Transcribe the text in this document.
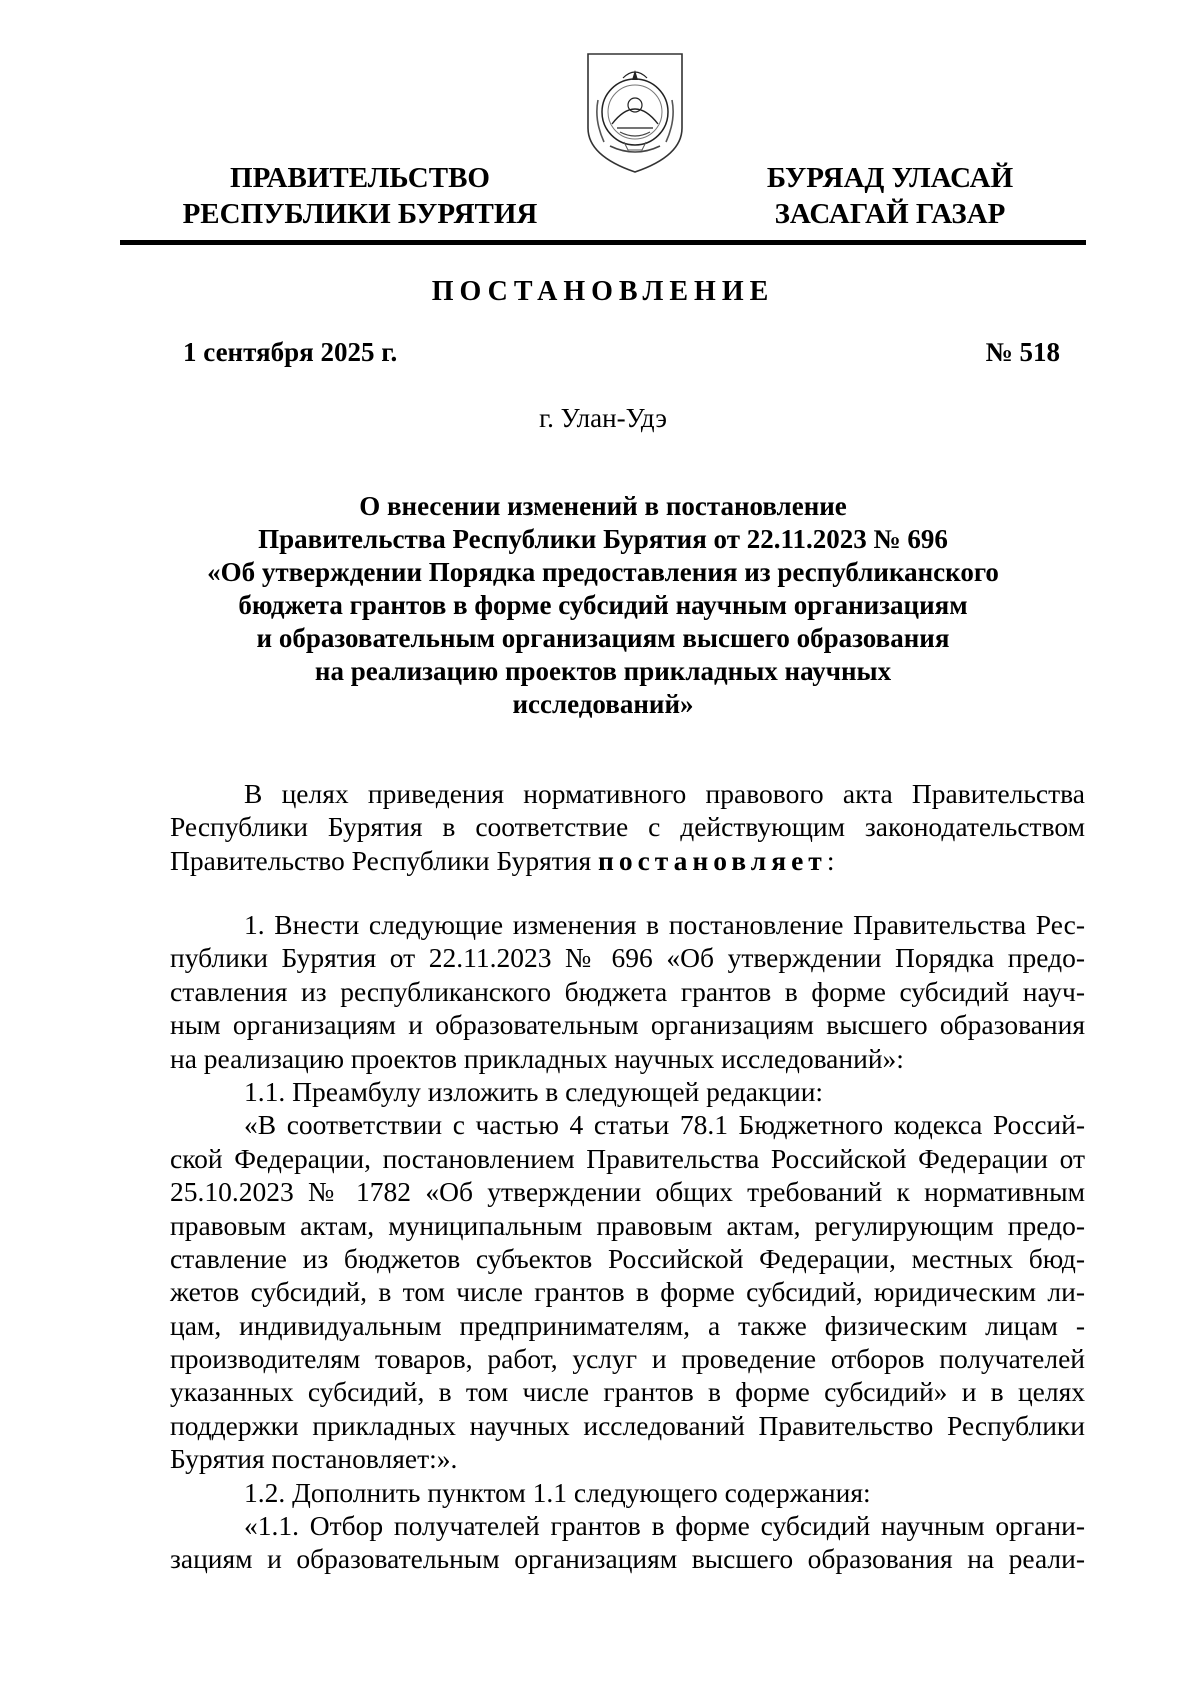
ПРАВИТЕЛЬСТВО
РЕСПУБЛИКИ БУРЯТИЯ
БУРЯАД УЛАСАЙ
ЗАСАГАЙ ГАЗАР
ПОСТАНОВЛЕНИЕ
1 сентября 2025 г.	№ 518
г. Улан-Удэ
О внесении изменений в постановление
Правительства Республики Бурятия от 22.11.2023 № 696
«Об утверждении Порядка предоставления из республиканского
бюджета грантов в форме субсидий научным организациям
и образовательным организациям высшего образования
на реализацию проектов прикладных научных
исследований»
В целях приведения нормативного правового акта Правительства
Республики Бурятия в соответствие с действующим законодательством
Правительство Республики Бурятия постановляет:
1. Внести следующие изменения в постановление Правительства Рес-
публики Бурятия от 22.11.2023 № 696 «Об утверждении Порядка предо-
ставления из республиканского бюджета грантов в форме субсидий науч-
ным организациям и образовательным организациям высшего образования
на реализацию проектов прикладных научных исследований»:
1.1. Преамбулу изложить в следующей редакции:
«В соответствии с частью 4 статьи 78.1 Бюджетного кодекса Россий-
ской Федерации, постановлением Правительства Российской Федерации от
25.10.2023 № 1782 «Об утверждении общих требований к нормативным
правовым актам, муниципальным правовым актам, регулирующим предо-
ставление из бюджетов субъектов Российской Федерации, местных бюд-
жетов субсидий, в том числе грантов в форме субсидий, юридическим ли-
цам, индивидуальным предпринимателям, а также физическим лицам -
производителям товаров, работ, услуг и проведение отборов получателей
указанных субсидий, в том числе грантов в форме субсидий» и в целях
поддержки прикладных научных исследований Правительство Республики
Бурятия постановляет:».
1.2. Дополнить пунктом 1.1 следующего содержания:
«1.1. Отбор получателей грантов в форме субсидий научным органи-
зациям и образовательным организациям высшего образования на реали-
